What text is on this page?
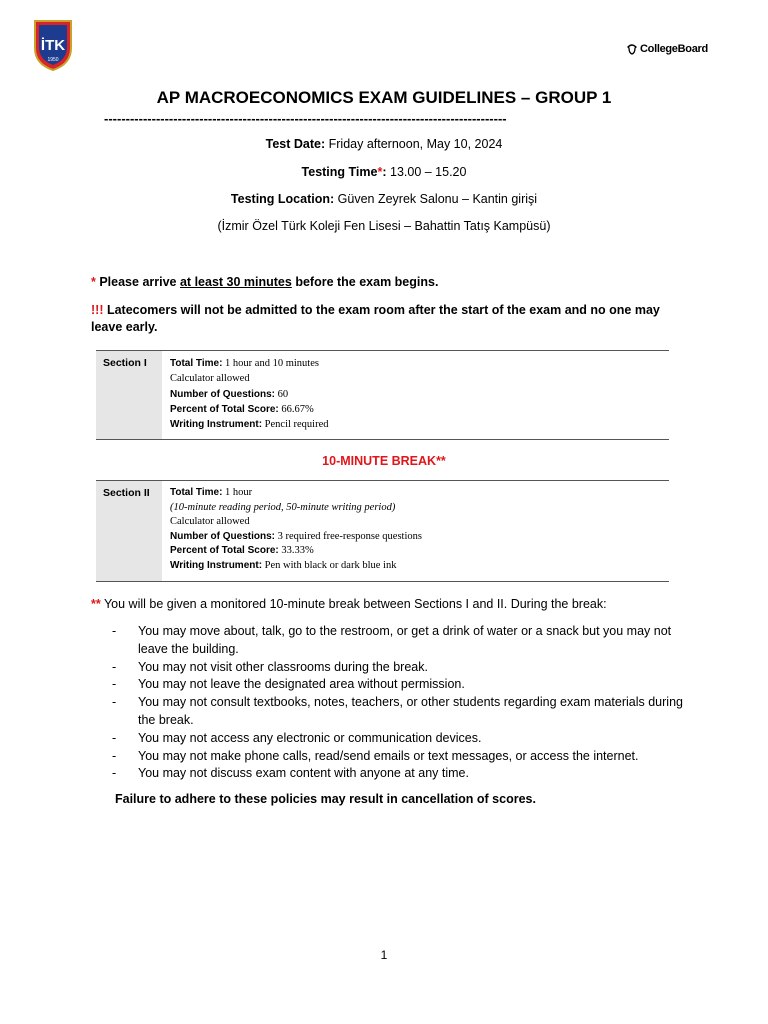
İTK
1950
CollegeBoard
AP MACROECONOMICS EXAM GUIDELINES – GROUP 1
---------------------------------------------------------------------------------------------
Test Date: Friday afternoon, May 10, 2024
Testing Time*: 13.00 – 15.20
Testing Location: Güven Zeyrek Salonu – Kantin girişi
(İzmir Özel Türk Koleji Fen Lisesi – Bahattin Tatış Kampüsü)
* Please arrive at least 30 minutes before the exam begins.
!!! Latecomers will not be admitted to the exam room after the start of the exam and no one may leave early.
Section I	Total Time: 1 hour and 10 minutes
Calculator allowed
Number of Questions: 60
Percent of Total Score: 66.67%
Writing Instrument: Pencil required
10-MINUTE BREAK**
Section II	Total Time: 1 hour
(10-minute reading period, 50-minute writing period)
Calculator allowed
Number of Questions: 3 required free-response questions
Percent of Total Score: 33.33%
Writing Instrument: Pen with black or dark blue ink
** You will be given a monitored 10-minute break between Sections I and II. During the break:
- You may move about, talk, go to the restroom, or get a drink of water or a snack but you may not leave the building.
- You may not visit other classrooms during the break.
- You may not leave the designated area without permission.
- You may not consult textbooks, notes, teachers, or other students regarding exam materials during the break.
- You may not access any electronic or communication devices.
- You may not make phone calls, read/send emails or text messages, or access the internet.
- You may not discuss exam content with anyone at any time.
Failure to adhere to these policies may result in cancellation of scores.
1
